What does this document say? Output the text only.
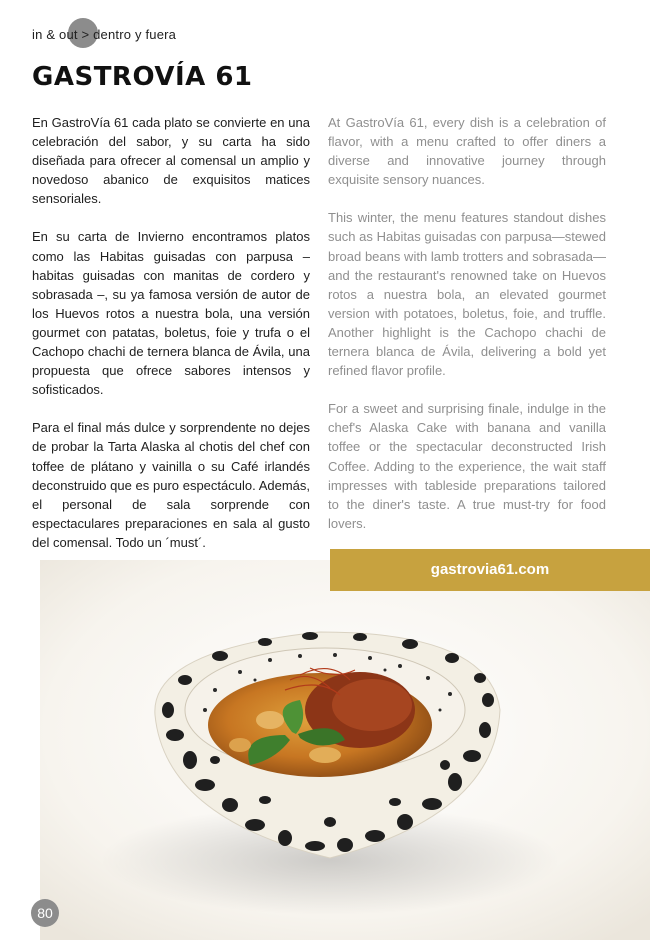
in & out > dentro y fuera
GASTROVÍA 61

En GastroVía 61 cada plato se convierte en una celebración del sabor, y su carta ha sido diseñada para ofrecer al comensal un amplio y novedoso abanico de exquisitos matices sensoriales.

En su carta de Invierno encontramos platos como las Habitas guisadas con parpusa – habitas guisadas con manitas de cordero y sobrasada –, su ya famosa versión de autor de los Huevos rotos a nuestra bola, una versión gourmet con patatas, boletus, foie y trufa o el Cachopo chachi de ternera blanca de Ávila, una propuesta que ofrece sabores intensos y sofisticados.

Para el final más dulce y sorprendente no dejes de probar la Tarta Alaska al chotis del chef con toffee de plátano y vainilla o su Café irlandés deconstruido que es puro espectáculo. Además, el personal de sala sorprende con espectaculares preparaciones en sala al gusto del comensal. Todo un ´must´.

At GastroVía 61, every dish is a celebration of flavor, with a menu crafted to offer diners a diverse and innovative journey through exquisite sensory nuances.

This winter, the menu features standout dishes such as Habitas guisadas con parpusa—stewed broad beans with lamb trotters and sobrasada—and the restaurant's renowned take on Huevos rotos a nuestra bola, an elevated gourmet version with potatoes, boletus, foie, and truffle. Another highlight is the Cachopo chachi de ternera blanca de Ávila, delivering a bold yet refined flavor profile.

For a sweet and surprising finale, indulge in the chef's Alaska Cake with banana and vanilla toffee or the spectacular deconstructed Irish Coffee. Adding to the experience, the wait staff impresses with tableside preparations tailored to the diner's taste. A true must-try for food lovers.

gastrovia61.com
80
